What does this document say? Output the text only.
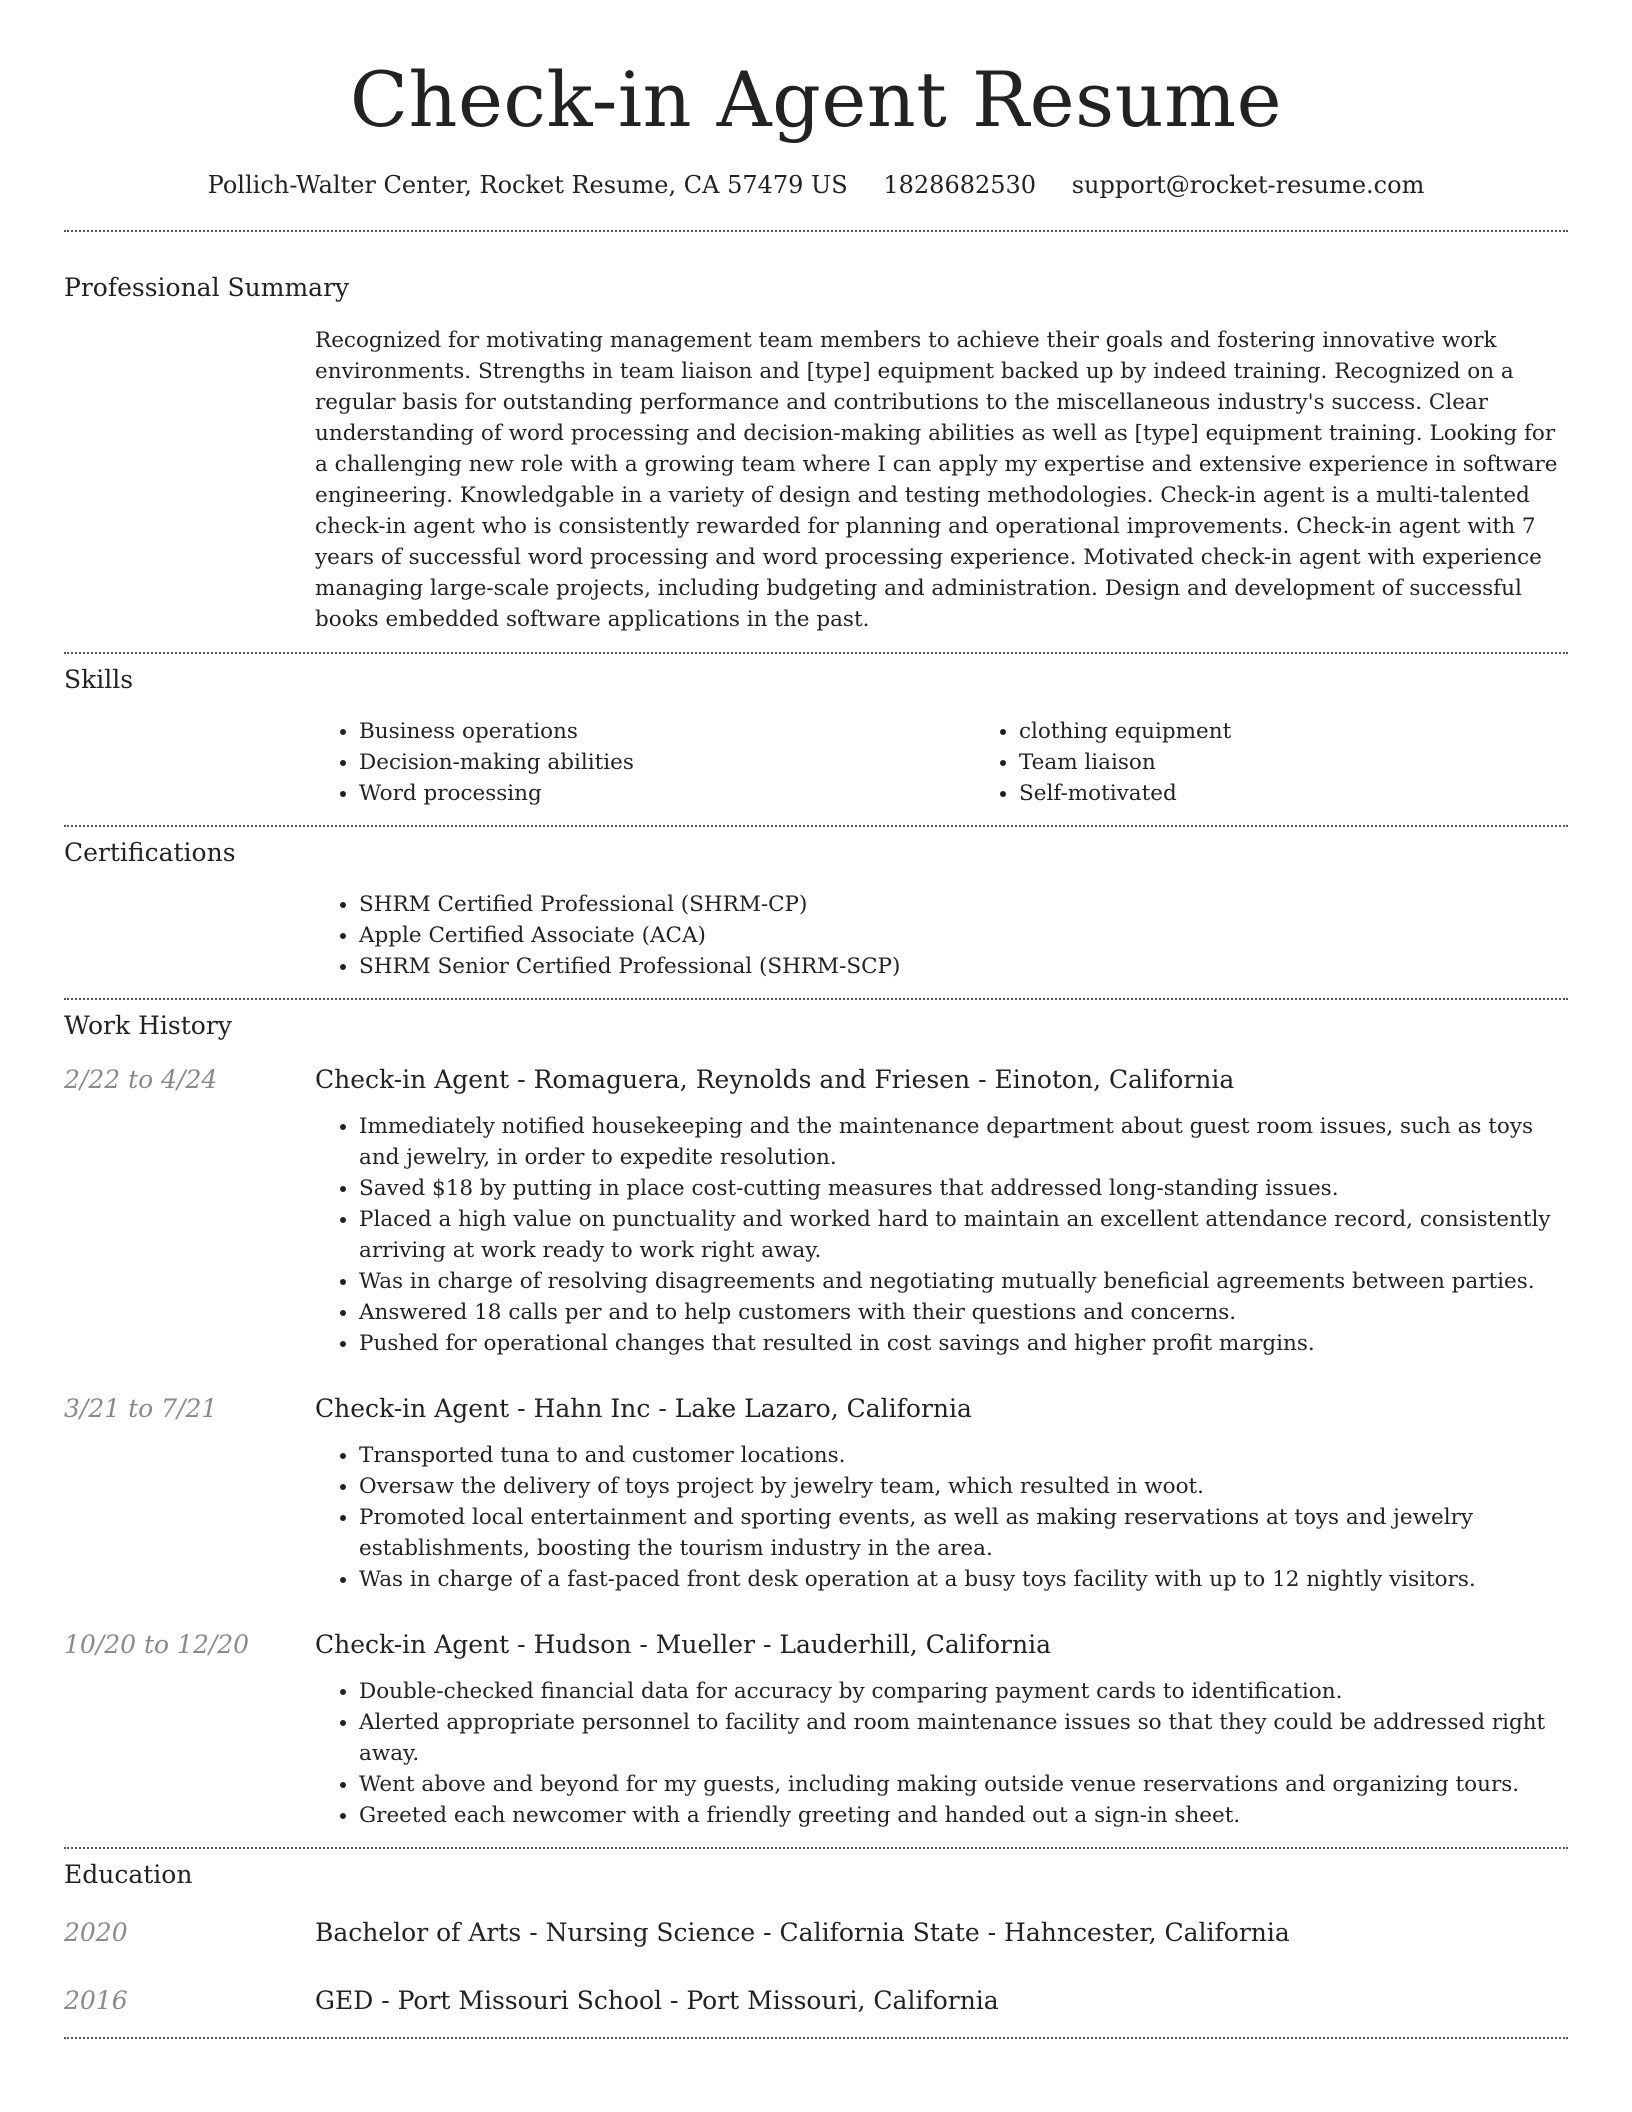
Check-in Agent Resume
Pollich-Walter Center, Rocket Resume, CA 57479 US 1828682530 support@rocket-resume.com
Professional Summary
Recognized for motivating management team members to achieve their goals and fostering innovative work environments. Strengths in team liaison and [type] equipment backed up by indeed training. Recognized on a regular basis for outstanding performance and contributions to the miscellaneous industry's success. Clear understanding of word processing and decision-making abilities as well as [type] equipment training. Looking for a challenging new role with a growing team where I can apply my expertise and extensive experience in software engineering. Knowledgable in a variety of design and testing methodologies. Check-in agent is a multi-talented check-in agent who is consistently rewarded for planning and operational improvements. Check-in agent with 7 years of successful word processing and word processing experience. Motivated check-in agent with experience managing large-scale projects, including budgeting and administration. Design and development of successful books embedded software applications in the past.
Skills
• Business operations
• Decision-making abilities
• Word processing
• clothing equipment
• Team liaison
• Self-motivated
Certifications
• SHRM Certified Professional (SHRM-CP)
• Apple Certified Associate (ACA)
• SHRM Senior Certified Professional (SHRM-SCP)
Work History
2/22 to 4/24	Check-in Agent - Romaguera, Reynolds and Friesen - Einoton, California
• Immediately notified housekeeping and the maintenance department about guest room issues, such as toys and jewelry, in order to expedite resolution.
• Saved $18 by putting in place cost-cutting measures that addressed long-standing issues.
• Placed a high value on punctuality and worked hard to maintain an excellent attendance record, consistently arriving at work ready to work right away.
• Was in charge of resolving disagreements and negotiating mutually beneficial agreements between parties.
• Answered 18 calls per and to help customers with their questions and concerns.
• Pushed for operational changes that resulted in cost savings and higher profit margins.
3/21 to 7/21	Check-in Agent - Hahn Inc - Lake Lazaro, California
• Transported tuna to and customer locations.
• Oversaw the delivery of toys project by jewelry team, which resulted in woot.
• Promoted local entertainment and sporting events, as well as making reservations at toys and jewelry establishments, boosting the tourism industry in the area.
• Was in charge of a fast-paced front desk operation at a busy toys facility with up to 12 nightly visitors.
10/20 to 12/20	Check-in Agent - Hudson - Mueller - Lauderhill, California
• Double-checked financial data for accuracy by comparing payment cards to identification.
• Alerted appropriate personnel to facility and room maintenance issues so that they could be addressed right away.
• Went above and beyond for my guests, including making outside venue reservations and organizing tours.
• Greeted each newcomer with a friendly greeting and handed out a sign-in sheet.
Education
2020	Bachelor of Arts - Nursing Science - California State - Hahncester, California
2016	GED - Port Missouri School - Port Missouri, California
